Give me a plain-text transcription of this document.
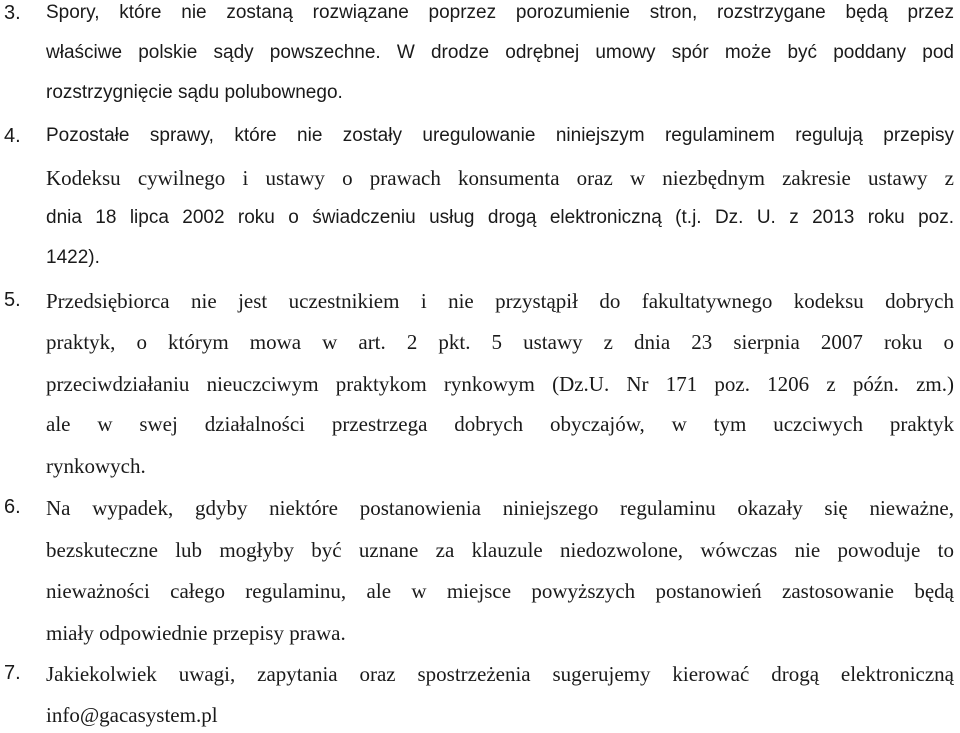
3. Spory, które nie zostaną rozwiązane poprzez porozumienie stron, rozstrzygane będą przez
właściwe polskie sądy powszechne. W drodze odrębnej umowy spór może być poddany pod
rozstrzygnięcie sądu polubownego.
4. Pozostałe sprawy, które nie zostały uregulowanie niniejszym regulaminem regulują przepisy
Kodeksu cywilnego i ustawy o prawach konsumenta oraz w niezbędnym zakresie ustawy z
dnia 18 lipca 2002 roku o świadczeniu usług drogą elektroniczną (t.j. Dz. U. z 2013 roku poz.
1422).
5. Przedsiębiorca nie jest uczestnikiem i nie przystąpił do fakultatywnego kodeksu dobrych
praktyk, o którym mowa w art. 2 pkt. 5 ustawy z dnia 23 sierpnia 2007 roku o
przeciwdziałaniu nieuczciwym praktykom rynkowym (Dz.U. Nr 171 poz. 1206 z późn. zm.)
ale w swej działalności przestrzega dobrych obyczajów, w tym uczciwych praktyk
rynkowych.
6. Na wypadek, gdyby niektóre postanowienia niniejszego regulaminu okazały się nieważne,
bezskuteczne lub mogłyby być uznane za klauzule niedozwolone, wówczas nie powoduje to
nieważności całego regulaminu, ale w miejsce powyższych postanowień zastosowanie będą
miały odpowiednie przepisy prawa.
7. Jakiekolwiek uwagi, zapytania oraz spostrzeżenia sugerujemy kierować drogą elektroniczną
info@gacasystem.pl
